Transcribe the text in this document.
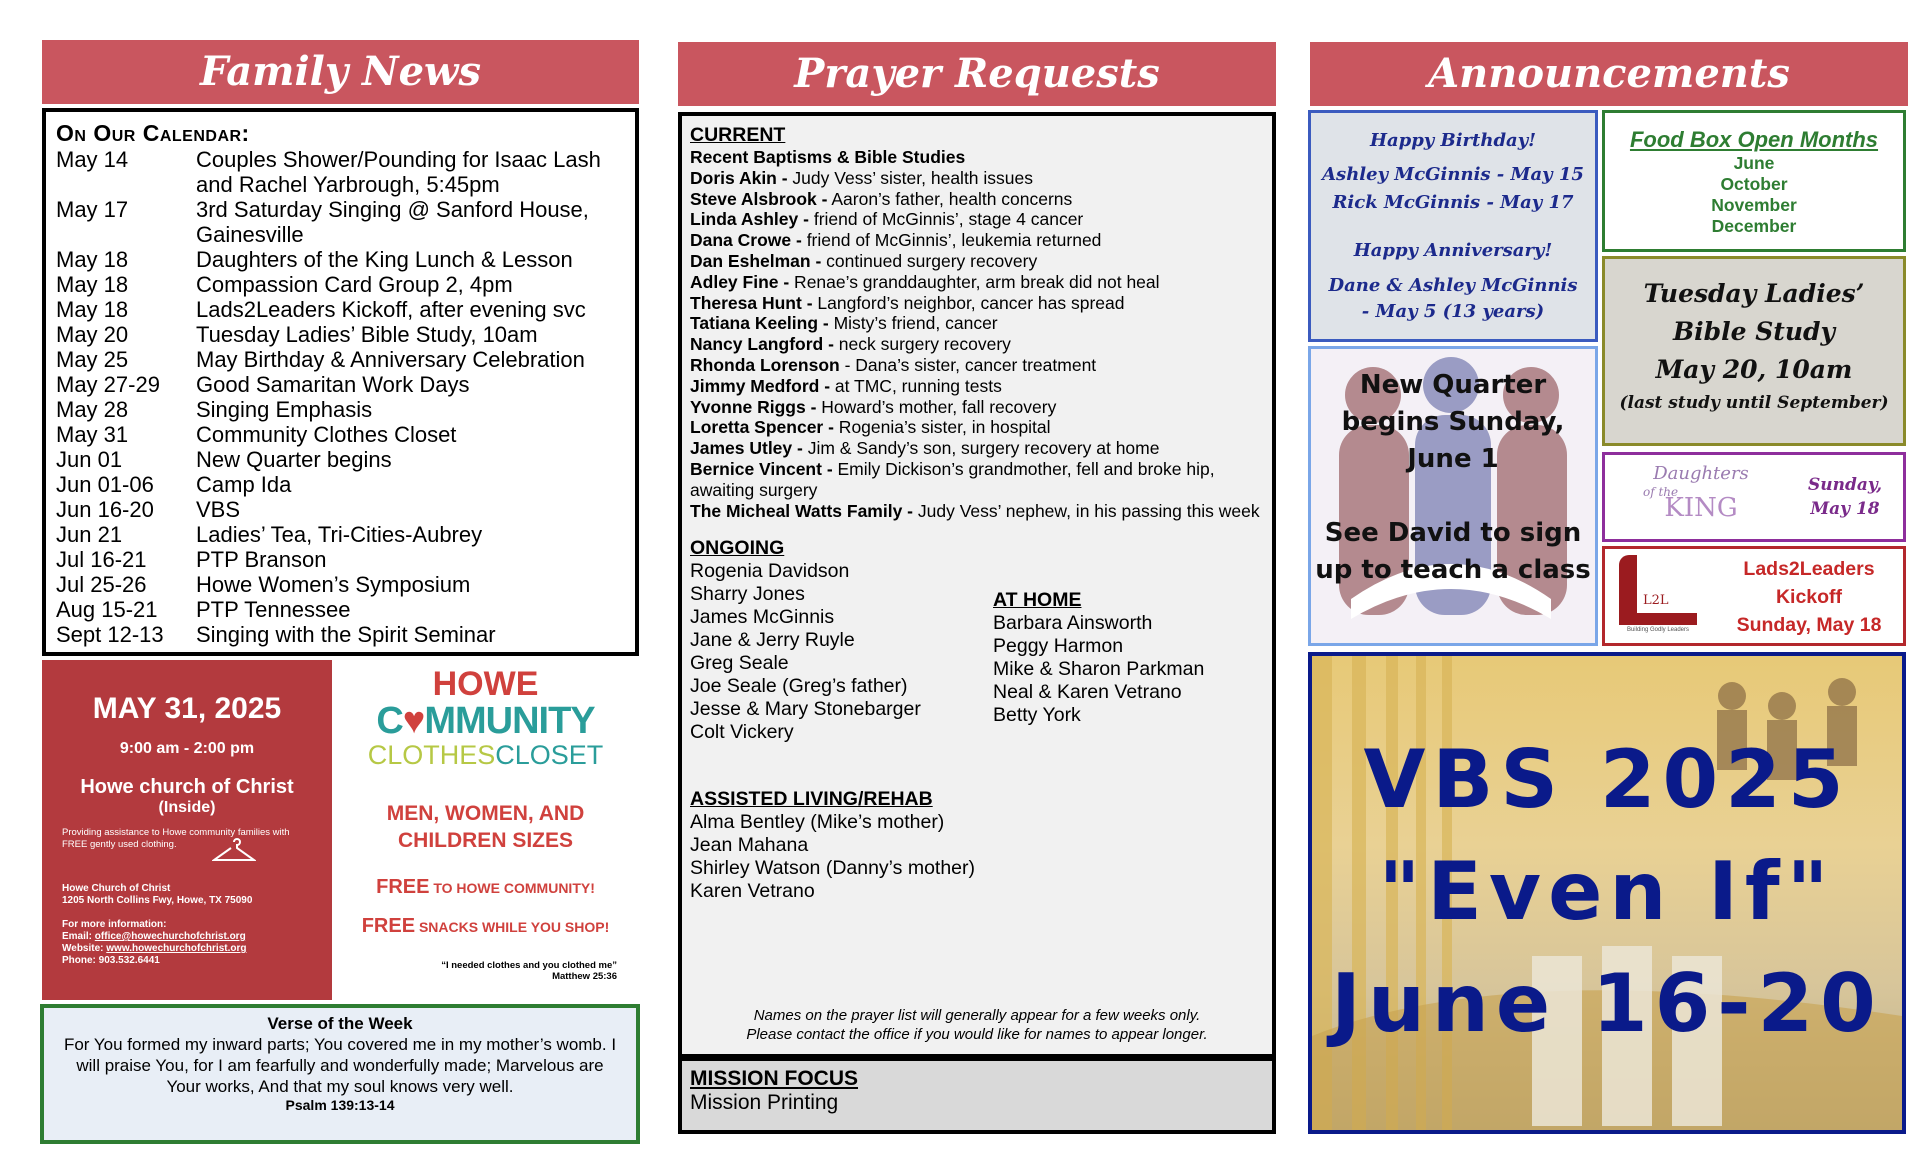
Family News
On Our Calendar:
May 14	Couples Shower/Pounding for Isaac Lash and Rachel Yarbrough, 5:45pm
May 17	3rd Saturday Singing @ Sanford House, Gainesville
May 18	Daughters of the King Lunch & Lesson
May 18	Compassion Card Group 2, 4pm
May 18	Lads2Leaders Kickoff, after evening svc
May 20	Tuesday Ladies’ Bible Study, 10am
May 25	May Birthday & Anniversary Celebration
May 27-29	Good Samaritan Work Days
May 28	Singing Emphasis
May 31	Community Clothes Closet
Jun 01	New Quarter begins
Jun 01-06	Camp Ida
Jun 16-20	VBS
Jun 21	Ladies’ Tea, Tri-Cities-Aubrey
Jul 16-21	PTP Branson
Jul 25-26	Howe Women’s Symposium
Aug 15-21	PTP Tennessee
Sept 12-13	Singing with the Spirit Seminar
MAY 31, 2025
9:00 am - 2:00 pm
Howe church of Christ
(Inside)
Providing assistance to Howe community families with FREE gently used clothing.
Howe Church of Christ
1205 North Collins Fwy, Howe, TX 75090
For more information:
Email: office@howechurchofchrist.org
Website: www.howechurchofchrist.org
Phone: 903.532.6441
HOWE
C♥MMUNITY
CLOTHESCLOSET
MEN, WOMEN, AND CHILDREN SIZES
FREE TO HOWE COMMUNITY!
FREE SNACKS WHILE YOU SHOP!
“I needed clothes and you clothed me”
Matthew 25:36
Verse of the Week
For You formed my inward parts; You covered me in my mother’s womb. I will praise You, for I am fearfully and wonderfully made; Marvelous are Your works, And that my soul knows very well.
Psalm 139:13-14
Prayer Requests
CURRENT
Recent Baptisms & Bible Studies
Doris Akin - Judy Vess’ sister, health issues
Steve Alsbrook - Aaron’s father, health concerns
Linda Ashley - friend of McGinnis’, stage 4 cancer
Dana Crowe - friend of McGinnis’, leukemia returned
Dan Eshelman - continued surgery recovery
Adley Fine - Renae’s granddaughter, arm break did not heal
Theresa Hunt - Langford’s neighbor, cancer has spread
Tatiana Keeling - Misty’s friend, cancer
Nancy Langford - neck surgery recovery
Rhonda Lorenson - Dana’s sister, cancer treatment
Jimmy Medford - at TMC, running tests
Yvonne Riggs - Howard’s mother, fall recovery
Loretta Spencer - Rogenia’s sister, in hospital
James Utley - Jim & Sandy’s son, surgery recovery at home
Bernice Vincent - Emily Dickison’s grandmother, fell and broke hip, awaiting surgery
The Micheal Watts Family - Judy Vess’ nephew, in his passing this week
ONGOING
Rogenia Davidson
Sharry Jones
James McGinnis
Jane & Jerry Ruyle
Greg Seale
Joe Seale (Greg’s father)
Jesse & Mary Stonebarger
Colt Vickery
AT HOME
Barbara Ainsworth
Peggy Harmon
Mike & Sharon Parkman
Neal & Karen Vetrano
Betty York
ASSISTED LIVING/REHAB
Alma Bentley (Mike’s mother)
Jean Mahana
Shirley Watson (Danny’s mother)
Karen Vetrano
Names on the prayer list will generally appear for a few weeks only.
Please contact the office if you would like for names to appear longer.
MISSION FOCUS
Mission Printing
Announcements
Happy Birthday!
Ashley McGinnis - May 15
Rick McGinnis - May 17
Happy Anniversary!
Dane & Ashley McGinnis - May 5 (13 years)
Food Box Open Months
June
October
November
December
Tuesday Ladies’
Bible Study
May 20, 10am
(last study until September)
New Quarter begins Sunday, June 1
See David to sign up to teach a class
Daughters
of the
KING
Sunday, May 18
L2L
Building Godly Leaders
Lads2Leaders
Kickoff
Sunday, May 18
VBS 2025
"Even If"
June 16-20
